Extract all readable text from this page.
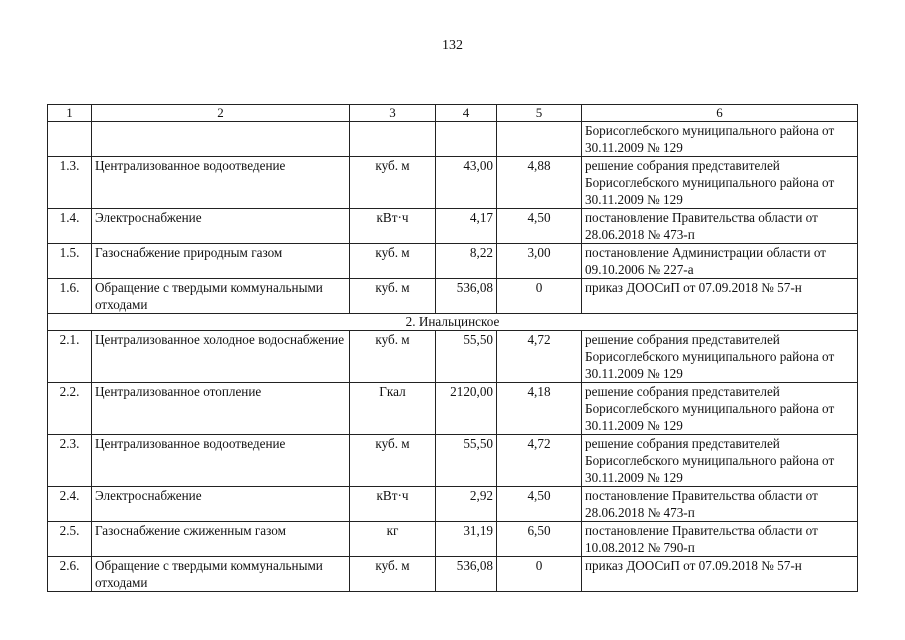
132
1	2	3	4	5	6
					Борисоглебского муниципального района от 30.11.2009 № 129
1.3.	Централизованное водоотведение	куб. м	43,00	4,88	решение собрания представителей Борисоглебского муниципального района от 30.11.2009 № 129
1.4.	Электроснабжение	кВт·ч	4,17	4,50	постановление Правительства области от 28.06.2018 № 473-п
1.5.	Газоснабжение природным газом	куб. м	8,22	3,00	постановление Администрации области от 09.10.2006 № 227-а
1.6.	Обращение с твердыми коммунальными отходами	куб. м	536,08	0	приказ ДООСиП от 07.09.2018 № 57-н
2. Инальцинское					
2.1.	Централизованное холодное водоснабжение	куб. м	55,50	4,72	решение собрания представителей Борисоглебского муниципального района от 30.11.2009 № 129
2.2.	Централизованное отопление	Гкал	2120,00	4,18	решение собрания представителей Борисоглебского муниципального района от 30.11.2009 № 129
2.3.	Централизованное водоотведение	куб. м	55,50	4,72	решение собрания представителей Борисоглебского муниципального района от 30.11.2009 № 129
2.4.	Электроснабжение	кВт·ч	2,92	4,50	постановление Правительства области от 28.06.2018 № 473-п
2.5.	Газоснабжение сжиженным газом	кг	31,19	6,50	постановление Правительства области от 10.08.2012 № 790-п
2.6.	Обращение с твердыми коммунальными отходами	куб. м	536,08	0	приказ ДООСиП от 07.09.2018 № 57-н
